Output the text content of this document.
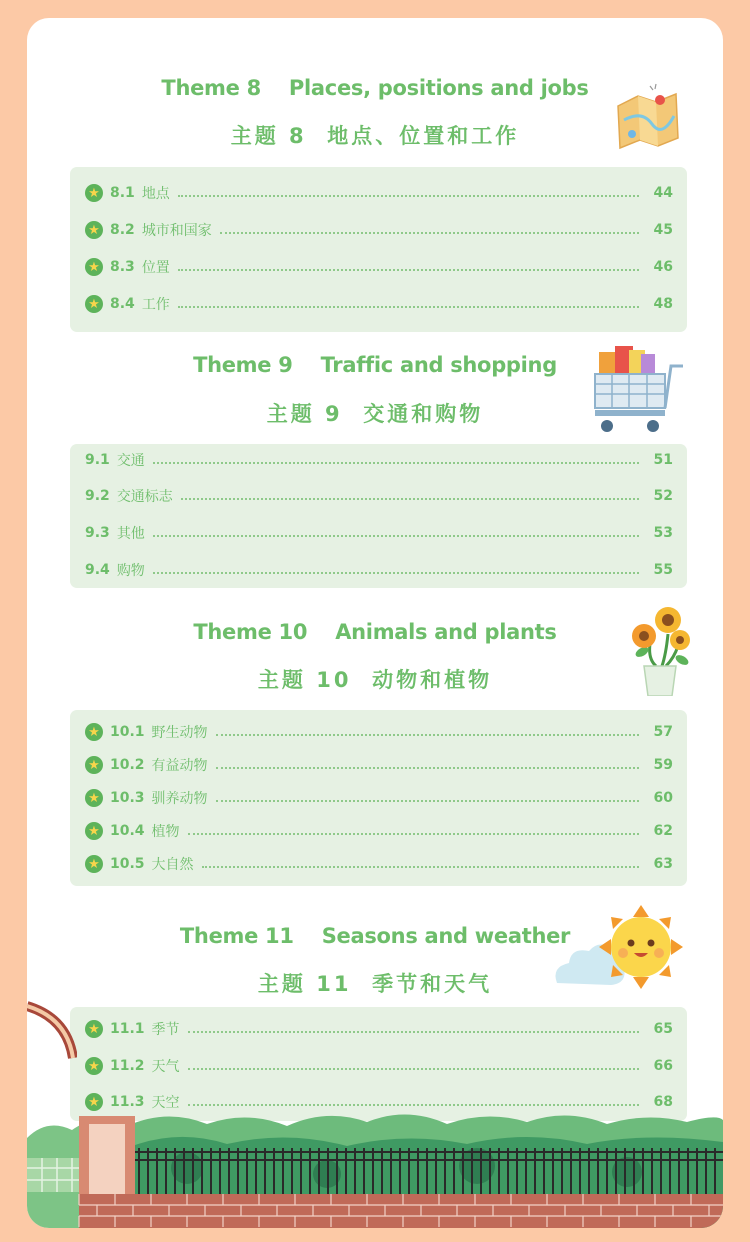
Theme 8    Places, positions and jobs
主题 8  地点、位置和工作
★ 8.1 地点	44
★ 8.2 城市和国家	45
★ 8.3 位置	46
★ 8.4 工作	48
Theme 9    Traffic and shopping
主题 9  交通和购物
9.1 交通	51
9.2 交通标志	52
9.3 其他	53
9.4 购物	55
Theme 10    Animals and plants
主题 10  动物和植物
★ 10.1 野生动物	57
★ 10.2 有益动物	59
★ 10.3 驯养动物	60
★ 10.4 植物	62
★ 10.5 大自然	63
Theme 11    Seasons and weather
主题 11  季节和天气
★ 11.1 季节	65
★ 11.2 天气	66
★ 11.3 天空	68
